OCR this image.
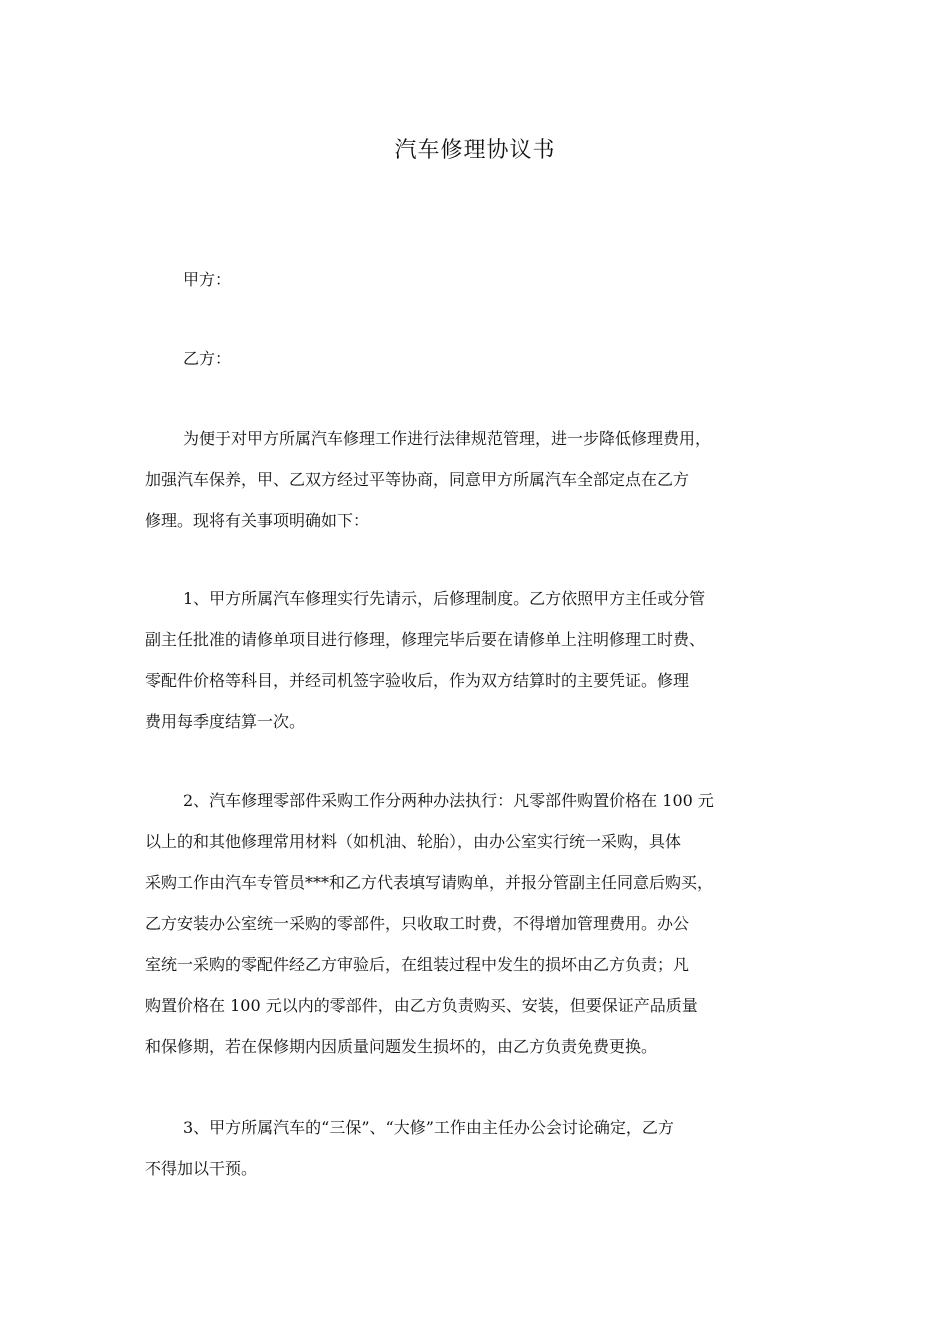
汽车修理协议书
甲方：
乙方：
为便于对甲方所属汽车修理工作进行法律规范管理，进一步降低修理费用，
加强汽车保养，甲、乙双方经过平等协商，同意甲方所属汽车全部定点在乙方
修理。现将有关事项明确如下：
1、甲方所属汽车修理实行先请示，后修理制度。乙方依照甲方主任或分管
副主任批准的请修单项目进行修理，修理完毕后要在请修单上注明修理工时费、
零配件价格等科目，并经司机签字验收后，作为双方结算时的主要凭证。修理
费用每季度结算一次。
2、汽车修理零部件采购工作分两种办法执行：凡零部件购置价格在 100 元
以上的和其他修理常用材料（如机油、轮胎），由办公室实行统一采购，具体
采购工作由汽车专管员***和乙方代表填写请购单，并报分管副主任同意后购买，
乙方安装办公室统一采购的零部件，只收取工时费，不得增加管理费用。办公
室统一采购的零配件经乙方审验后，在组装过程中发生的损坏由乙方负责；凡
购置价格在 100 元以内的零部件，由乙方负责购买、安装，但要保证产品质量
和保修期，若在保修期内因质量问题发生损坏的，由乙方负责免费更换。
3、甲方所属汽车的“三保”、“大修”工作由主任办公会讨论确定，乙方
不得加以干预。
